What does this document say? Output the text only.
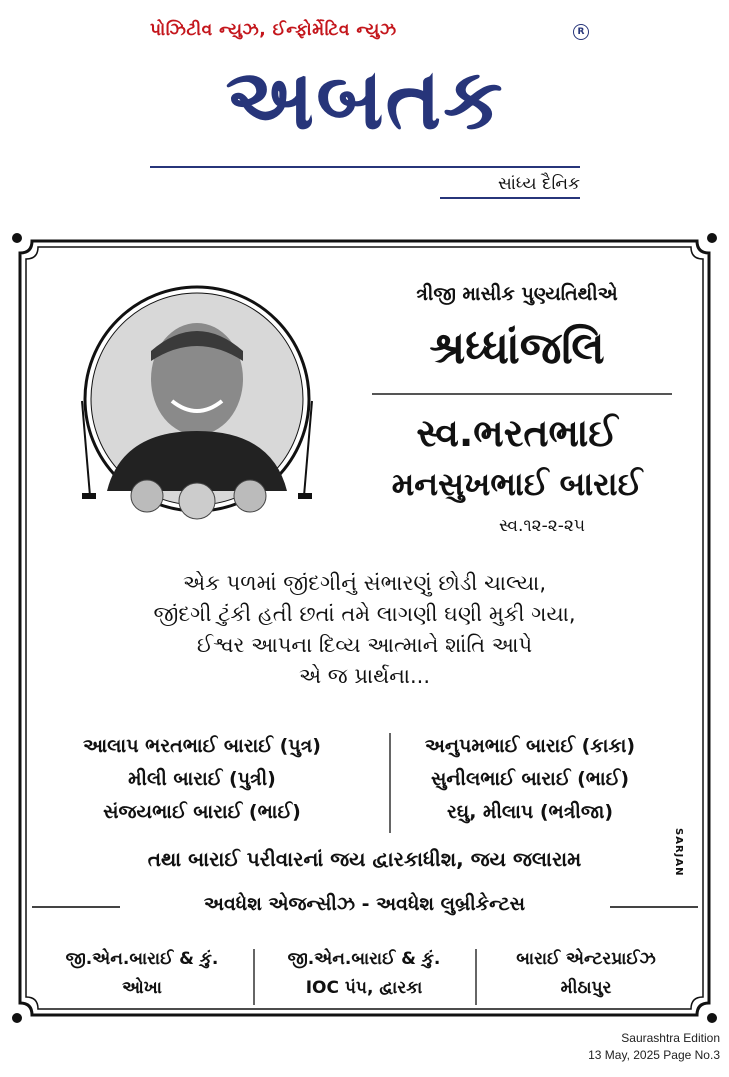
પોઝિટીવ ન્યુઝ, ઈન્ફોર્મેટિવ ન્યુઝ	R
અબતક
સાંધ્ય દૈનિક
ત્રીજી માસીક પુણ્યતિથીએ
શ્રધ્ધાંજલિ
સ્વ.ભરતભાઈ
મનસુખભાઈ બારાઈ
સ્વ.૧૨-૨-૨૫
એક પળમાં જીંદગીનું સંભારણું છોડી ચાલ્યા,
જીંદગી ટુંકી હતી છતાં તમે લાગણી ઘણી મુકી ગયા,
ઈશ્વર આપના દિવ્ય આત્માને શાંતિ આપે
એ જ પ્રાર્થના...
આલાપ ભરતભાઈ બારાઈ (પુત્ર)
મીલી બારાઈ (પુત્રી)
સંજયભાઈ બારાઈ (ભાઈ)
અનુપમભાઈ બારાઈ (કાકા)
સુનીલભાઈ બારાઈ (ભાઈ)
રઘુ, મીલાપ (ભત્રીજા)
SARJAN
તથા બારાઈ પરીવારનાં જય દ્વારકાધીશ, જય જલારામ
અવધેશ એજન્સીઝ - અવધેશ લુબ્રીકેન્ટસ
જી.એન.બારાઈ & કું.
ઓખા
જી.એન.બારાઈ & કું.
IOC પંપ, દ્વારકા
બારાઈ એન્ટરપ્રાઈઝ
મીઠાપુર
Saurashtra Edition
13 May, 2025 Page No.3
